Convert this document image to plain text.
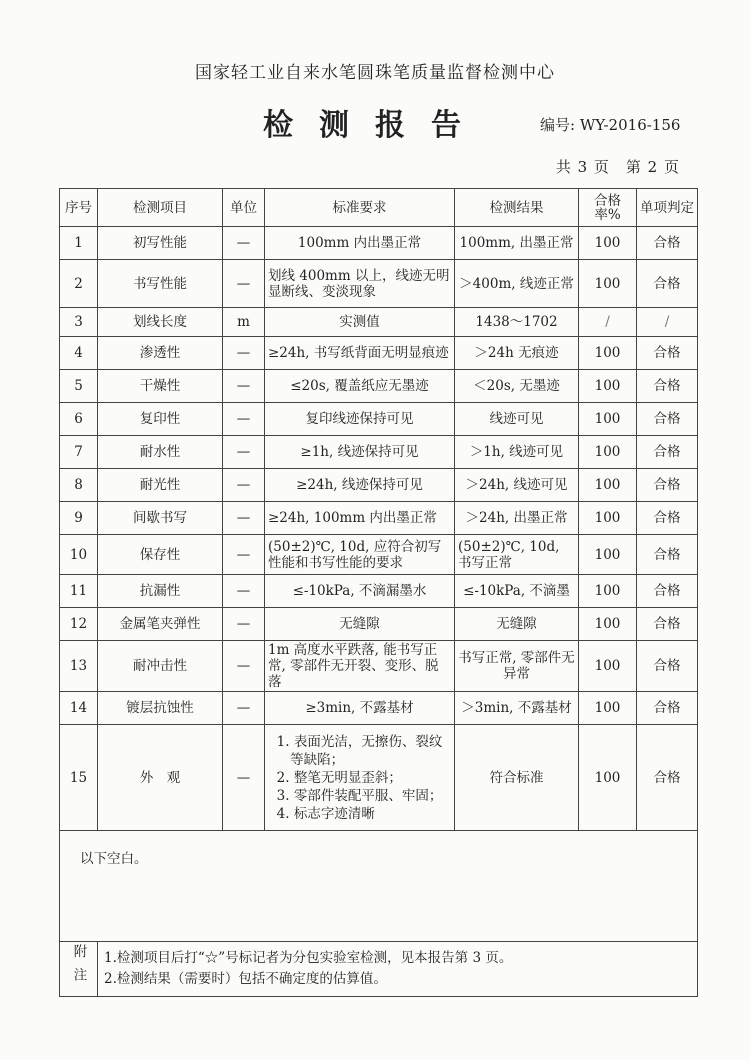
国家轻工业自来水笔圆珠笔质量监督检测中心
检测报告	编号: WY-2016-156
共 3 页　第 2 页
序号	检测项目	单位	标准要求	检测结果	合格率%	单项判定
1	初写性能	—	100mm 内出墨正常	100mm, 出墨正常	100	合格
2	书写性能	—	划线 400mm 以上，线迹无明显断线、变淡现象	＞400m, 线迹正常	100	合格
3	划线长度	m	实测值	1438～1702	/	/
4	渗透性	—	≥24h, 书写纸背面无明显痕迹	＞24h 无痕迹	100	合格
5	干燥性	—	≤20s, 覆盖纸应无墨迹	＜20s, 无墨迹	100	合格
6	复印性	—	复印线迹保持可见	线迹可见	100	合格
7	耐水性	—	≥1h, 线迹保持可见	＞1h, 线迹可见	100	合格
8	耐光性	—	≥24h, 线迹保持可见	＞24h, 线迹可见	100	合格
9	间歇书写	—	≥24h, 100mm 内出墨正常	＞24h, 出墨正常	100	合格
10	保存性	—	(50±2)℃, 10d, 应符合初写性能和书写性能的要求	(50±2)℃, 10d, 书写正常	100	合格
11	抗漏性	—	≤-10kPa, 不滴漏墨水	≤-10kPa, 不滴墨	100	合格
12	金属笔夹弹性	—	无缝隙	无缝隙	100	合格
13	耐冲击性	—	1m 高度水平跌落, 能书写正常, 零部件无开裂、变形、脱落	书写正常, 零部件无异常	100	合格
14	镀层抗蚀性	—	≥3min, 不露基材	＞3min, 不露基材	100	合格
15	外　观	—	1. 表面光洁，无擦伤、裂纹
　等缺陷；
2. 整笔无明显歪斜；
3. 零部件装配平服、牢固；
4. 标志字迹清晰	符合标准	100	合格
以下空白。						
附注	1.检测项目后打“☆”号标记者为分包实验室检测，见本报告第 3 页。
2.检测结果（需要时）包括不确定度的估算值。					
